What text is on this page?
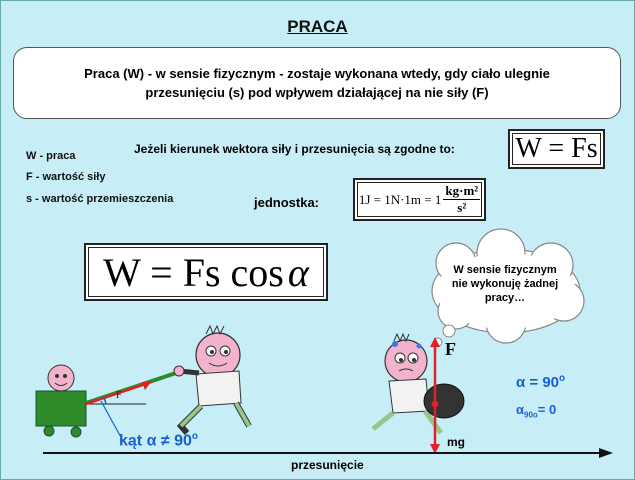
PRACA
Praca (W) - w sensie fizycznym - zostaje wykonana wtedy, gdy ciało ulegnie przesunięciu (s) pod wpływem działającej na nie siły (F)
Jeżeli kierunek wektora siły i przesunięcia są zgodne to:
W - praca
F - wartość siły
s - wartość przemieszczenia	jednostka:
W = Fs
$1J = 1N\cdot 1m = 1 \frac{\text{kg·m²}}{\text{s²}}$
W = Fs cos α
F
W sensie fizycznym nie wykonuję żadnej pracy…
F
mg
kąt $\alpha \ne 90^o$
$\alpha = 90^o$
$\alpha_{90o}= 0$
przesunięcie
